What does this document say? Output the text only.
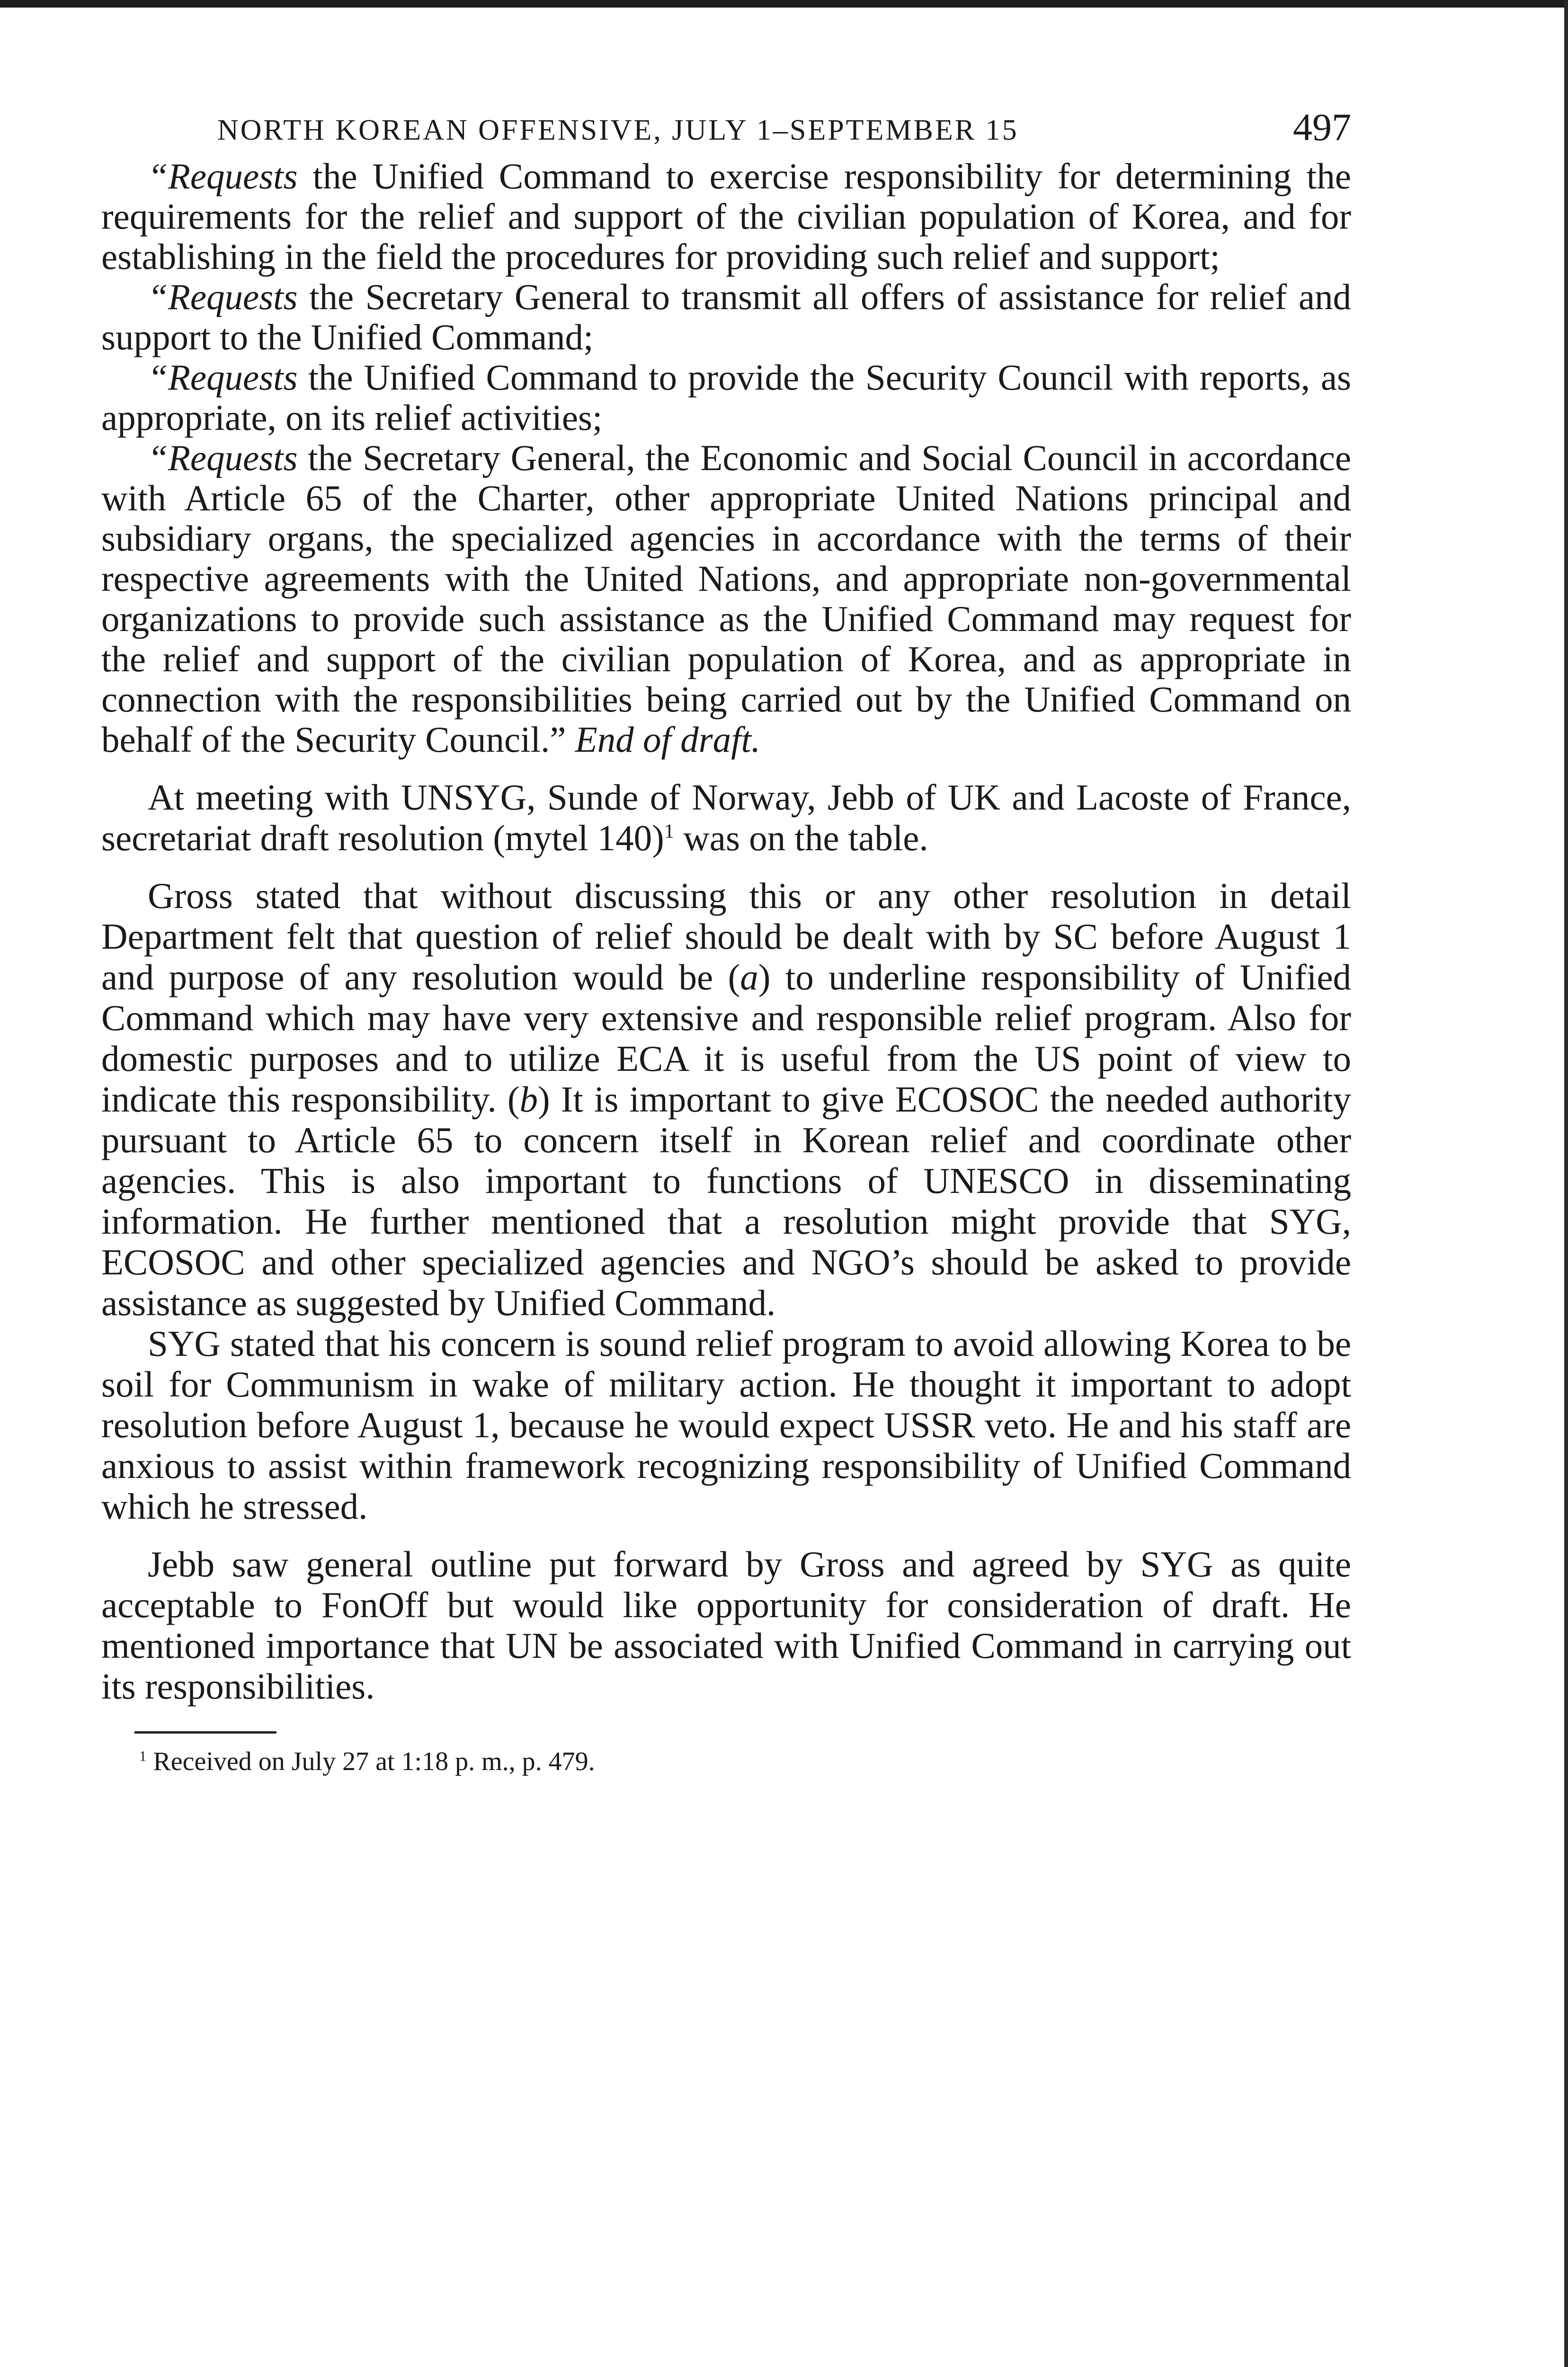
NORTH KOREAN OFFENSIVE, JULY 1–SEPTEMBER 15	497

“Requests the Unified Command to exercise responsibility for determining the requirements for the relief and support of the civilian population of Korea, and for establishing in the field the procedures for providing such relief and support;

“Requests the Secretary General to transmit all offers of assistance for relief and support to the Unified Command;

“Requests the Unified Command to provide the Security Council with reports, as appropriate, on its relief activities;

“Requests the Secretary General, the Economic and Social Council in accordance with Article 65 of the Charter, other appropriate United Nations principal and subsidiary organs, the specialized agencies in accordance with the terms of their respective agreements with the United Nations, and appropriate non-governmental organizations to provide such assistance as the Unified Command may request for the relief and support of the civilian population of Korea, and as appropriate in connection with the responsibilities being carried out by the Unified Command on behalf of the Security Council.” End of draft.

At meeting with UNSYG, Sunde of Norway, Jebb of UK and Lacoste of France, secretariat draft resolution (mytel 140)$^1$ was on the table.

Gross stated that without discussing this or any other resolution in detail Department felt that question of relief should be dealt with by SC before August 1 and purpose of any resolution would be (a) to underline responsibility of Unified Command which may have very extensive and responsible relief program. Also for domestic purposes and to utilize ECA it is useful from the US point of view to indicate this responsibility. (b) It is important to give ECOSOC the needed authority pursuant to Article 65 to concern itself in Korean relief and coordinate other agencies. This is also important to functions of UNESCO in disseminating information. He further mentioned that a resolution might provide that SYG, ECOSOC and other specialized agencies and NGO’s should be asked to provide assistance as suggested by Unified Command.

SYG stated that his concern is sound relief program to avoid allowing Korea to be soil for Communism in wake of military action. He thought it important to adopt resolution before August 1, because he would expect USSR veto. He and his staff are anxious to assist within framework recognizing responsibility of Unified Command which he stressed.

Jebb saw general outline put forward by Gross and agreed by SYG as quite acceptable to FonOff but would like opportunity for consideration of draft. He mentioned importance that UN be associated with Unified Command in carrying out its responsibilities.

$^1$ Received on July 27 at 1:18 p. m., p. 479.
